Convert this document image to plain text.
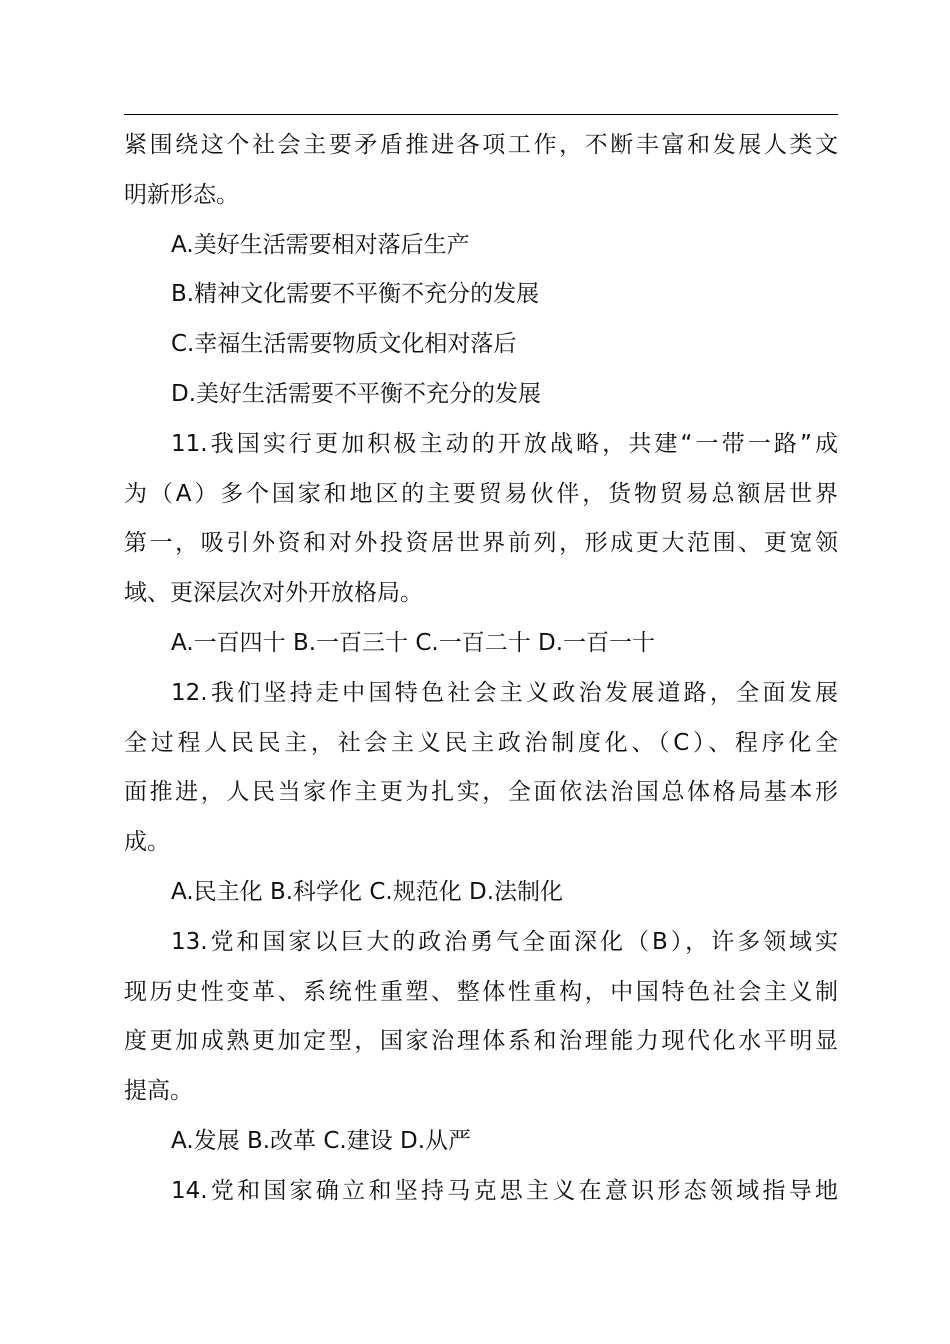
紧围绕这个社会主要矛盾推进各项工作，不断丰富和发展人类文
明新形态。
A.美好生活需要相对落后生产
B.精神文化需要不平衡不充分的发展
C.幸福生活需要物质文化相对落后
D.美好生活需要不平衡不充分的发展
11.我国实行更加积极主动的开放战略，共建“一带一路”成
为（A）多个国家和地区的主要贸易伙伴，货物贸易总额居世界
第一，吸引外资和对外投资居世界前列，形成更大范围、更宽领
域、更深层次对外开放格局。
A.一百四十 B.一百三十 C.一百二十 D.一百一十
12.我们坚持走中国特色社会主义政治发展道路，全面发展
全过程人民民主，社会主义民主政治制度化、（C）、程序化全
面推进，人民当家作主更为扎实，全面依法治国总体格局基本形
成。
A.民主化 B.科学化 C.规范化 D.法制化
13.党和国家以巨大的政治勇气全面深化（B），许多领域实
现历史性变革、系统性重塑、整体性重构，中国特色社会主义制
度更加成熟更加定型，国家治理体系和治理能力现代化水平明显
提高。
A.发展 B.改革 C.建设 D.从严
14.党和国家确立和坚持马克思主义在意识形态领域指导地
